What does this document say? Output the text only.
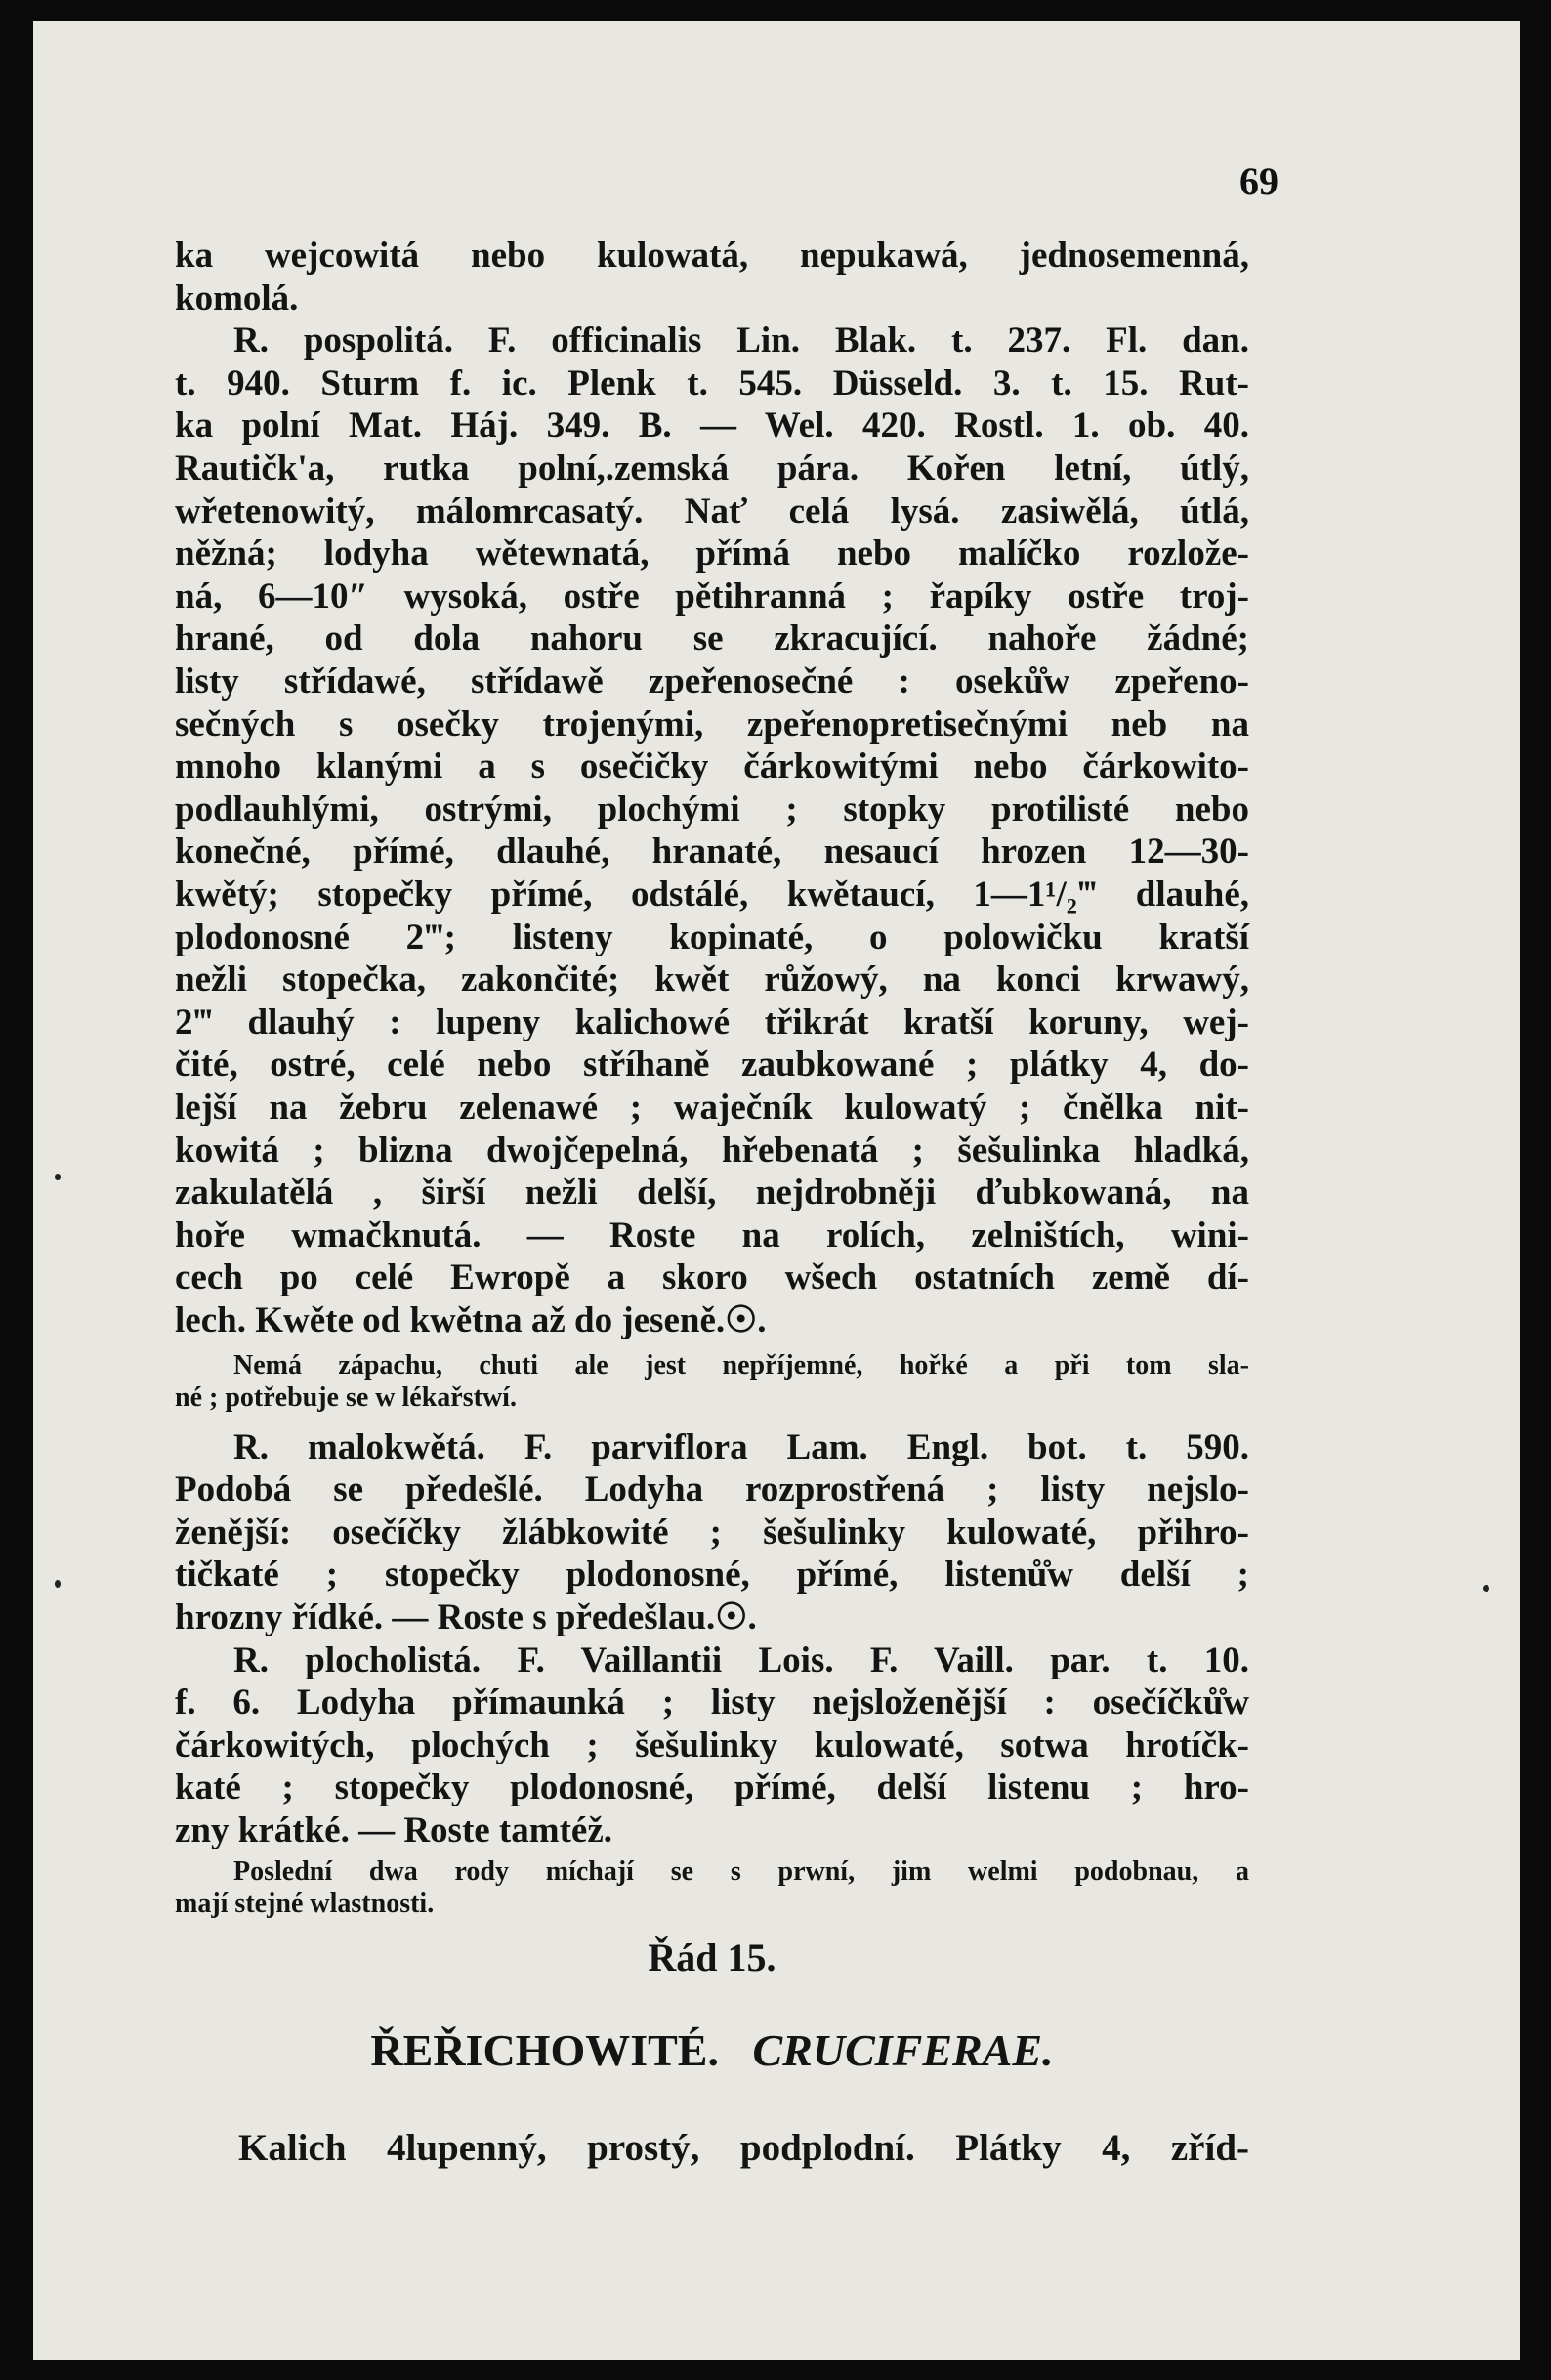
69
ka wejcowitá nebo kulowatá, nepukawá, jednosemenná,
komolá.
R. pospolitá. F. officinalis Lin. Blak. t. 237. Fl. dan.
t. 940. Sturm f. ic. Plenk t. 545. Düsseld. 3. t. 15. Rut-
ka polní Mat. Háj. 349. B. — Wel. 420. Rostl. 1. ob. 40.
Rautičk'a, rutka polní,.zemská pára. Kořen letní, útlý,
wřetenowitý, málomrcasatý. Nať celá lysá. zasiwělá, útlá,
něžná; lodyha wětewnatá, přímá nebo malíčko rozlože-
ná, 6—10″ wysoká, ostře pětihranná ; řapíky ostře troj-
hrané, od dola nahoru se zkracující. nahoře žádné;
listy střídawé, střídawě zpeřenosečné : oseků̊w zpeřeno-
sečných s osečky trojenými, zpeřenopretisečnými neb na
mnoho klanými a s osečičky čárkowitými nebo čárkowito-
podlauhlými, ostrými, plochými ; stopky protilisté nebo
konečné, přímé, dlauhé, hranaté, nesaucí hrozen 12—30-
kwětý; stopečky přímé, odstálé, kwětaucí, 1—1¹/₂‴ dlauhé,
plodonosné 2‴; listeny kopinaté, o polowičku kratší
nežli stopečka, zakončité; kwět růžowý, na konci krwawý,
2‴ dlauhý : lupeny kalichowé třikrát kratší koruny, wej-
čité, ostré, celé nebo stříhaně zaubkowané ; plátky 4, do-
lejší na žebru zelenawé ; waječník kulowatý ; čnělka nit-
kowitá ; blizna dwojčepelná, hřebenatá ; šešulinka hladká,
zakulatělá , širší nežli delší, nejdrobněji ďubkowaná, na
hoře wmačknutá. — Roste na rolích, zelništích, wini-
cech po celé Ewropě a skoro wšech ostatních země dí-
lech. Kwěte od kwětna až do jeseně.☉.
Nemá zápachu, chuti ale jest nepříjemné, hořké a při tom sla-
né ; potřebuje se w lékařstwí.
R. malokwětá. F. parviflora Lam. Engl. bot. t. 590.
Podobá se předešlé. Lodyha rozprostřená ; listy nejslo-
ženější: osečíčky žlábkowité ; šešulinky kulowaté, přihro-
tičkaté ; stopečky plodonosné, přímé, listenů̊w delší ;
hrozny řídké. — Roste s předešlau.☉.
R. plocholistá. F. Vaillantii Lois. F. Vaill. par. t. 10.
f. 6. Lodyha přímaunká ; listy nejsloženější : osečíčků̊w
čárkowitých, plochých ; šešulinky kulowaté, sotwa hrotíčk-
katé ; stopečky plodonosné, přímé, delší listenu ; hro-
zny krátké. — Roste tamtéž.
Poslední dwa rody míchají se s prwní, jim welmi podobnau, a
mají stejné wlastnosti.
Řád 15.
ŘEŘICHOWITÉ. CRUCIFERAE.
Kalich 4lupenný, prostý, podplodní. Plátky 4, zříd-
